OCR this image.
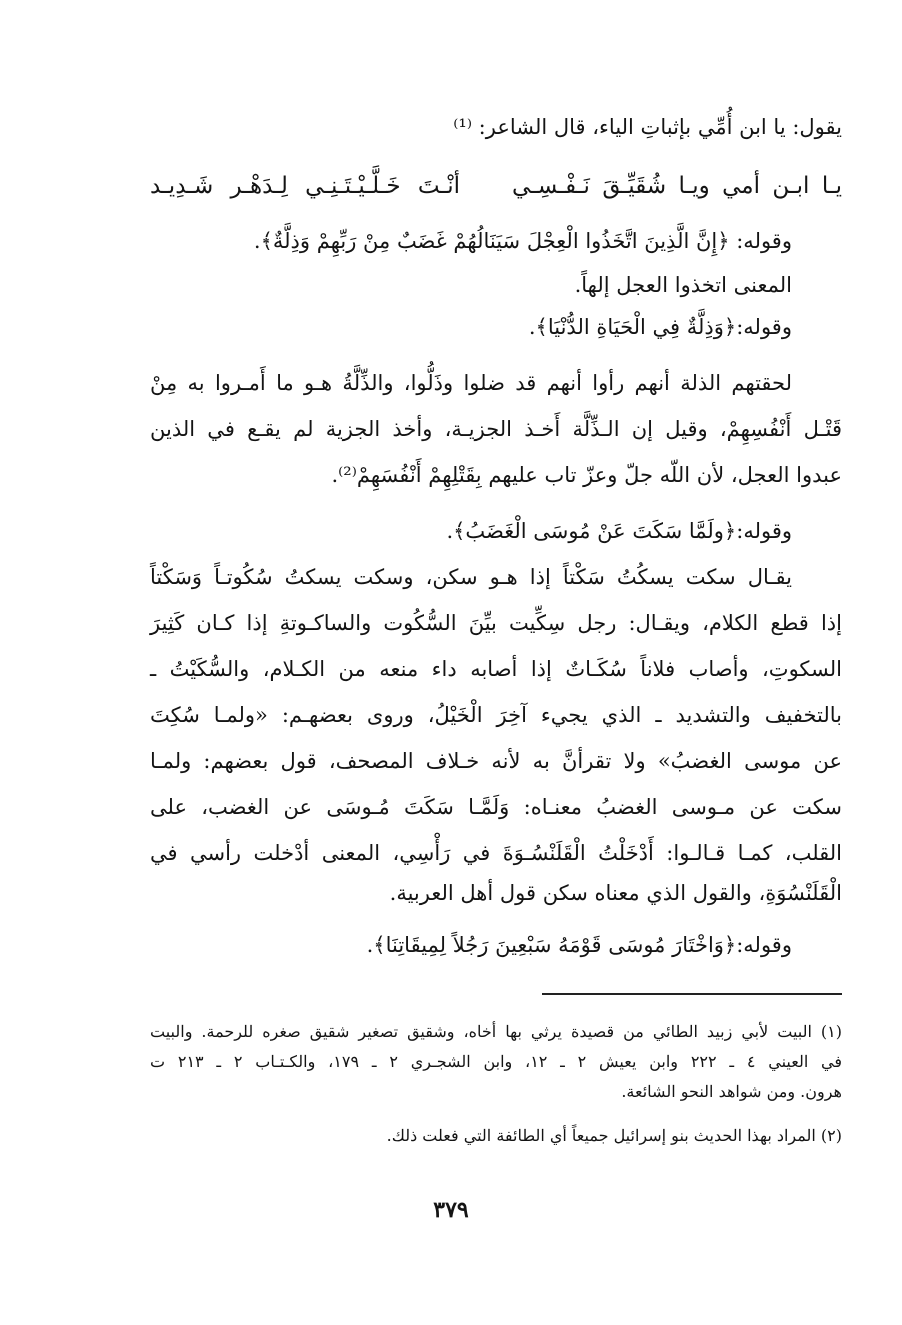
يقول: يا ابن أُمِّي بإثباتِ الياء، قال الشاعر: ⁽¹⁾
يـا ابـن أمي ويـا شُقَيِّـقَ نَـفْـسِـي
أنْـتَ خَـلَّـيْـتَـنِـي لِـدَهْـر شَـدِيـد
وقوله: ﴿إِنَّ الَّذِينَ اتَّخَذُوا الْعِجْلَ سَيَنَالُهُمْ غَضَبٌ مِنْ رَبِّهِمْ وَذِلَّةٌ﴾.
المعنى اتخذوا العجل إلهاً.
وقوله:﴿وَذِلَّةٌ فِي الْحَيَاةِ الدُّنْيَا﴾.
لحقتهم الذلة أنهم رأوا أنهم قد ضلوا وذَلُّوا، والذِّلَّةُ هـو ما أَمـروا به مِنْ
قَتْـل أَنْفُسِهِمْ، وقيل إن الـذِّلَّة أَخـذ الجزيـة، وأخذ الجزية لم يقـع في الذين
عبدوا العجل، لأن اللّه جلّ وعزّ تاب عليهم بِقَتْلِهِمْ أَنْفُسَهِمْ⁽²⁾.
وقوله:﴿ولَمَّا سَكَتَ عَنْ مُوسَى الْغَضَبُ﴾.
يقـال سكت يسكُتُ سَكْتاً إذا هـو سكن، وسكت يسكتُ سُكُوتـاً وَسَكْتاً
إذا قطع الكلام، ويقـال: رجل سِكِّيت بيِّنَ السُّكُوت والساكـوتةِ إذا كـان كَثِيرَ
السكوتِ، وأصاب فلاناً سُكَـاتٌ إذا أصابه داء منعه من الكـلام، والسُّكَيْتُ ـ
بالتخفيف والتشديد ـ الذي يجيء آخِرَ الْخَيْلُ، وروى بعضهـم: «ولمـا سُكِتَ
عن موسى الغضبُ» ولا تقرأنَّ به لأنه خـلاف المصحف، قول بعضهم: ولمـا
سكت عن مـوسى الغضبُ معنـاه: وَلَمَّـا سَكَتَ مُـوسَى عن الغضب، على
القلب، كمـا قـالـوا: أَدْخَلْتُ الْقَلَنْسُـوَةَ في رَأْسِي، المعنى أدْخلت رأسي في
الْقَلَنْسُوَةِ، والقول الذي معناه سكن قول أهل العربية.
وقوله:﴿وَاخْتَارَ مُوسَى قَوْمَهُ سَبْعِينَ رَجُلاً لِمِيقَاتِنَا﴾.
(١) البيت لأبي زبيد الطائي من قصيدة يرثي بها أخاه، وشقيق تصغير شقيق صغره للرحمة. والبيت
في العيني ٤ ـ ٢٢٢ وابن يعيش ٢ ـ ١٢، وابن الشجـري ٢ ـ ١٧٩، والكـتـاب ٢ ـ ٢١٣ ت
هرون. ومن شواهد النحو الشائعة.
(٢) المراد بهذا الحديث بنو إسرائيل جميعاً أي الطائفة التي فعلت ذلك.
٣٧٩
